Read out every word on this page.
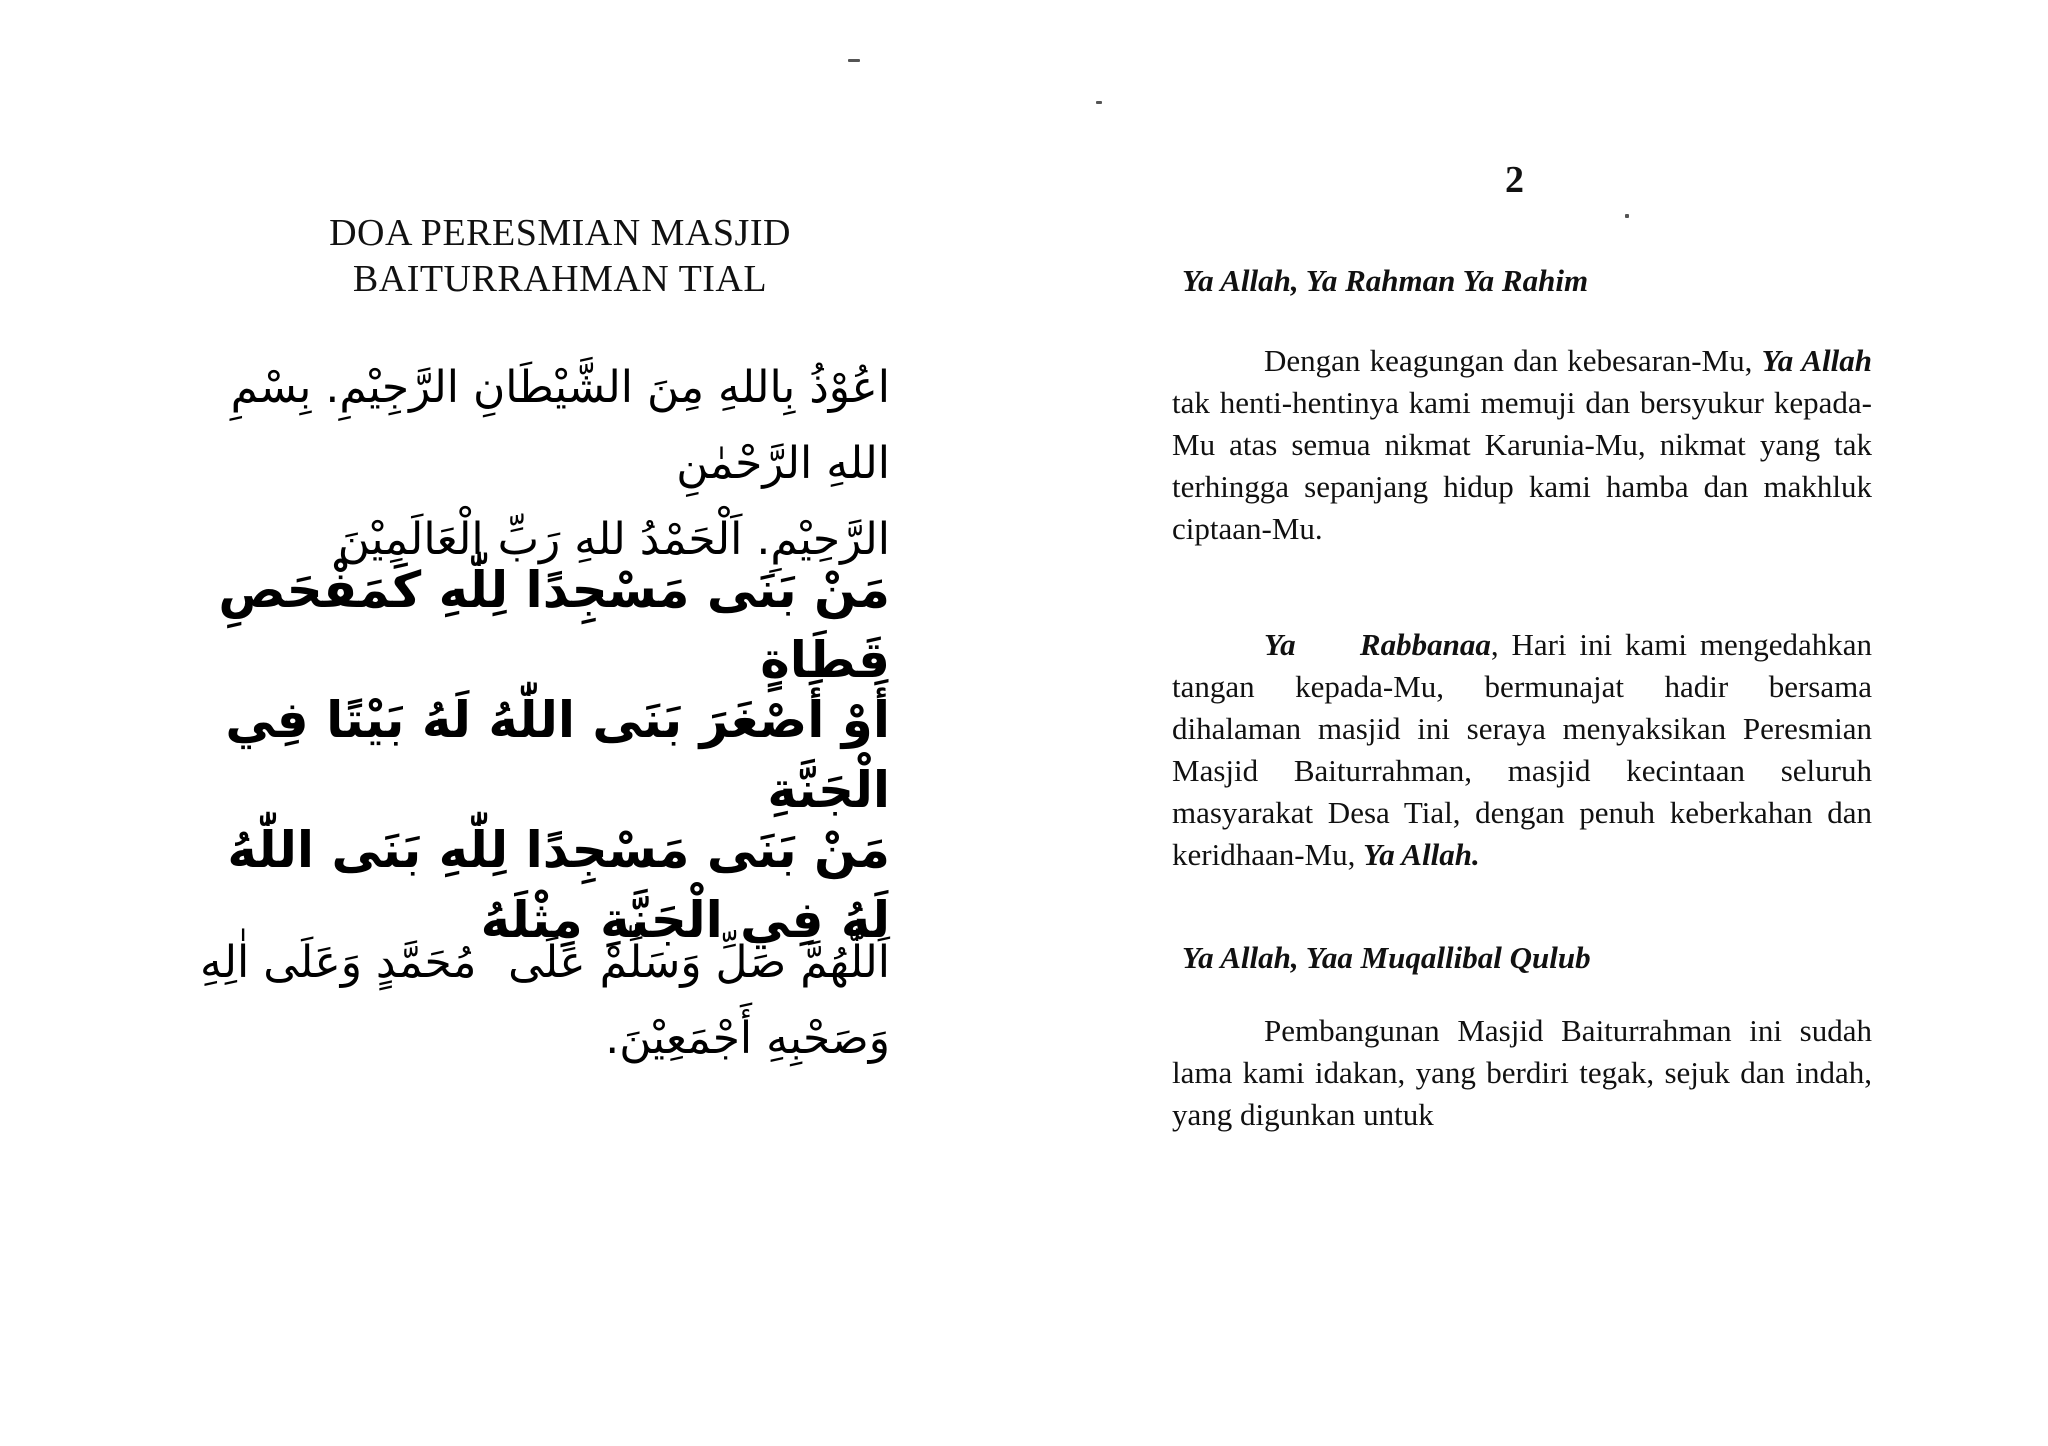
DOA PERESMIAN MASJID
BAITURRAHMAN TIAL
اعُوْذُ بِاللهِ مِنَ الشَّيْطَانِ الرَّجِيْمِ. بِسْمِ اللهِ الرَّحْمٰنِ
الرَّحِيْمِ. اَلْحَمْدُ للهِ رَبِّ الْعَالَمِيْنَ
مَنْ بَنَى مَسْجِدًا لِلّٰهِ كَمَفْحَصِ قَطَاةٍ
أَوْ أَصْغَرَ بَنَى اللّٰهُ لَهُ بَيْتًا فِي الْجَنَّةِ
مَنْ بَنَى مَسْجِدًا لِلّٰهِ بَنَى اللّٰهُ لَهُ فِي الْجَنَّةِ مِثْلَهُ
اَللّٰهُمَّ صَلِّ وَسَلِّمْ عَلَى
مُحَمَّدٍ وَعَلَى اٰلِهِ
وَصَحْبِهِ أَجْمَعِيْنَ.
2
Ya Allah, Ya Rahman Ya Rahim
Dengan keagungan dan kebesaran-Mu, Ya Allah tak henti-hentinya kami memuji dan bersyukur kepada-Mu atas semua nikmat Karunia-Mu, nikmat yang tak terhingga sepanjang hidup kami hamba dan makhluk ciptaan-Mu.
Ya Rabbanaa, Hari ini kami mengedahkan tangan kepada-Mu, bermunajat hadir bersama dihalaman masjid ini seraya menyaksikan Peresmian Masjid Baiturrahman, masjid kecintaan seluruh masyarakat Desa Tial, dengan penuh keberkahan dan keridhaan-Mu, Ya Allah.
Ya Allah, Yaa Muqallibal Qulub
Pembangunan Masjid Baiturrahman ini sudah lama kami idakan, yang berdiri tegak, sejuk dan indah, yang digunkan untuk
